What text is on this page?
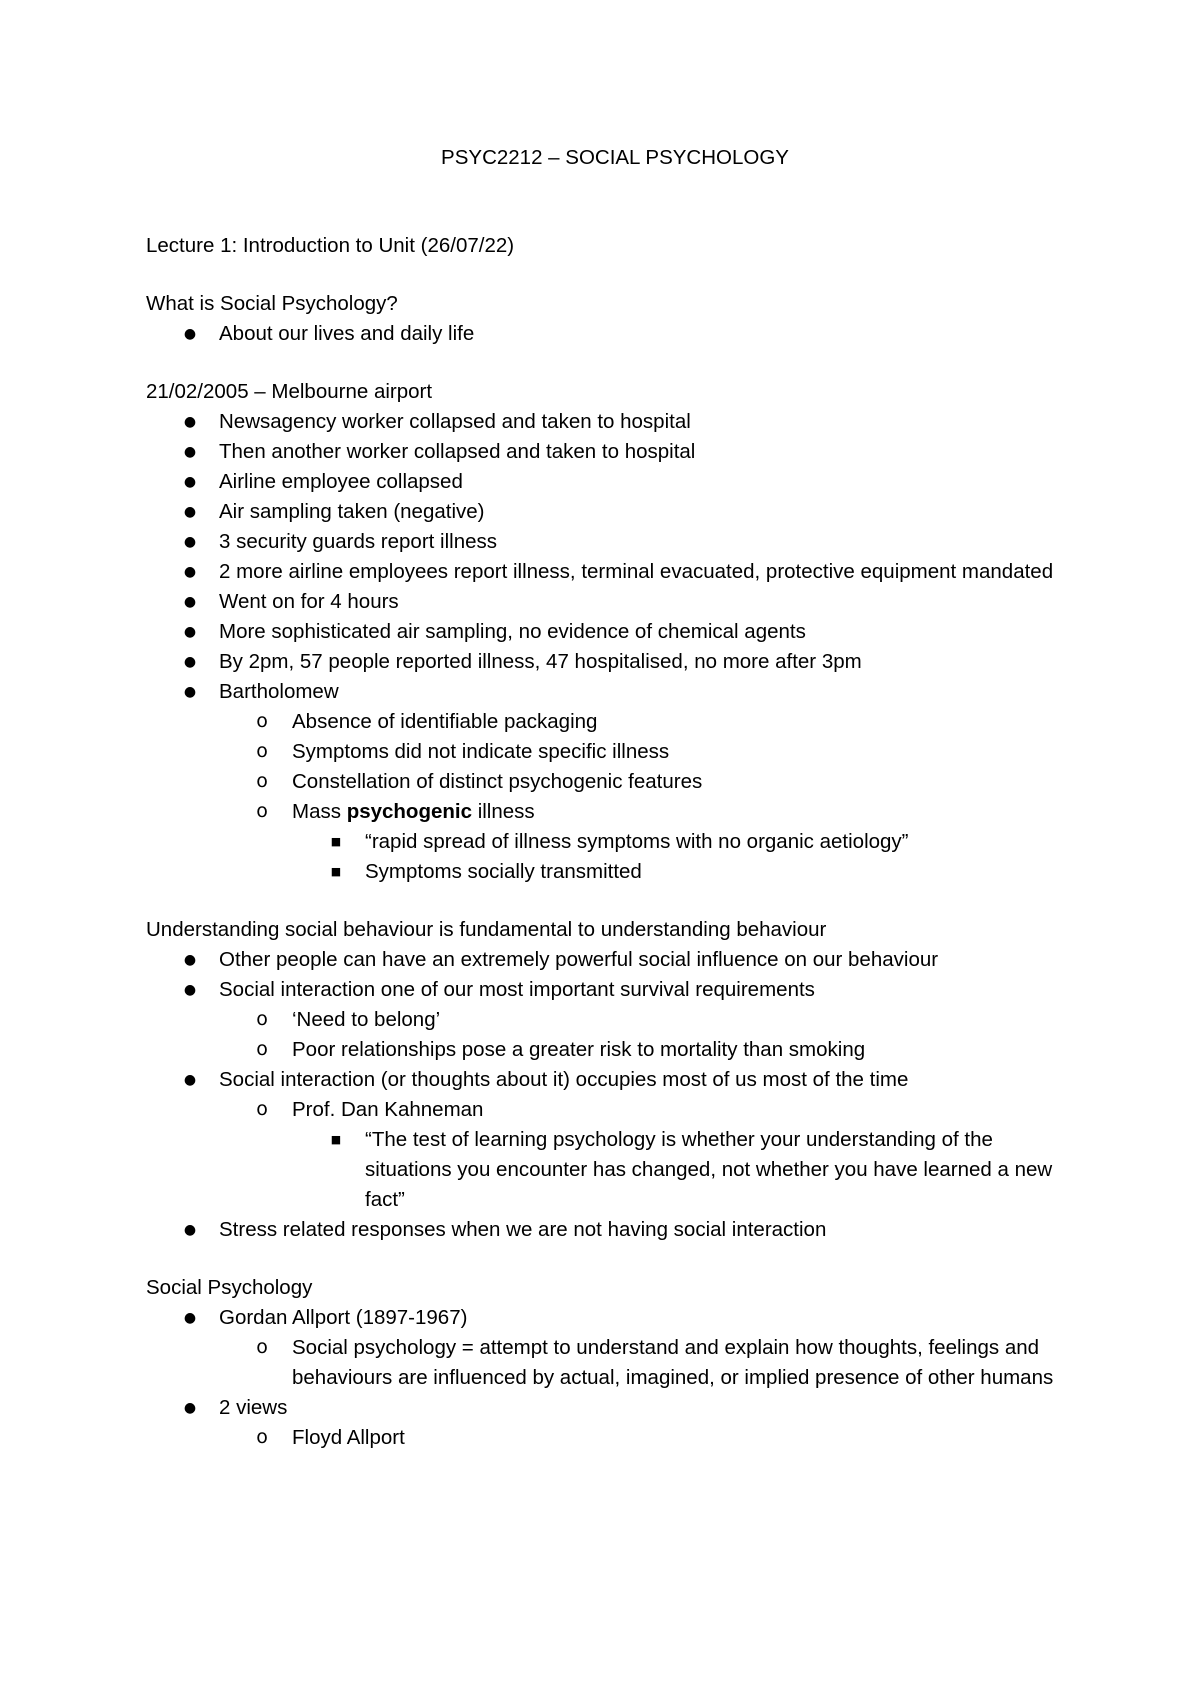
PSYC2212 – SOCIAL PSYCHOLOGY

Lecture 1: Introduction to Unit (26/07/22)

What is Social Psychology?

● About our lives and daily life

21/02/2005 – Melbourne airport

● Newsagency worker collapsed and taken to hospital
● Then another worker collapsed and taken to hospital
● Airline employee collapsed
● Air sampling taken (negative)
● 3 security guards report illness
● 2 more airline employees report illness, terminal evacuated, protective equipment mandated
● Went on for 4 hours
● More sophisticated air sampling, no evidence of chemical agents
● By 2pm, 57 people reported illness, 47 hospitalised, no more after 3pm
● Bartholomew
o Absence of identifiable packaging
o Symptoms did not indicate specific illness
o Constellation of distinct psychogenic features
o Mass psychogenic illness
■ “rapid spread of illness symptoms with no organic aetiology”
■ Symptoms socially transmitted

Understanding social behaviour is fundamental to understanding behaviour

● Other people can have an extremely powerful social influence on our behaviour
● Social interaction one of our most important survival requirements
o ‘Need to belong’
o Poor relationships pose a greater risk to mortality than smoking
● Social interaction (or thoughts about it) occupies most of us most of the time
o Prof. Dan Kahneman
■ “The test of learning psychology is whether your understanding of the situations you encounter has changed, not whether you have learned a new fact”
● Stress related responses when we are not having social interaction

Social Psychology

● Gordan Allport (1897-1967)
o Social psychology = attempt to understand and explain how thoughts, feelings and behaviours are influenced by actual, imagined, or implied presence of other humans
● 2 views
o Floyd Allport
